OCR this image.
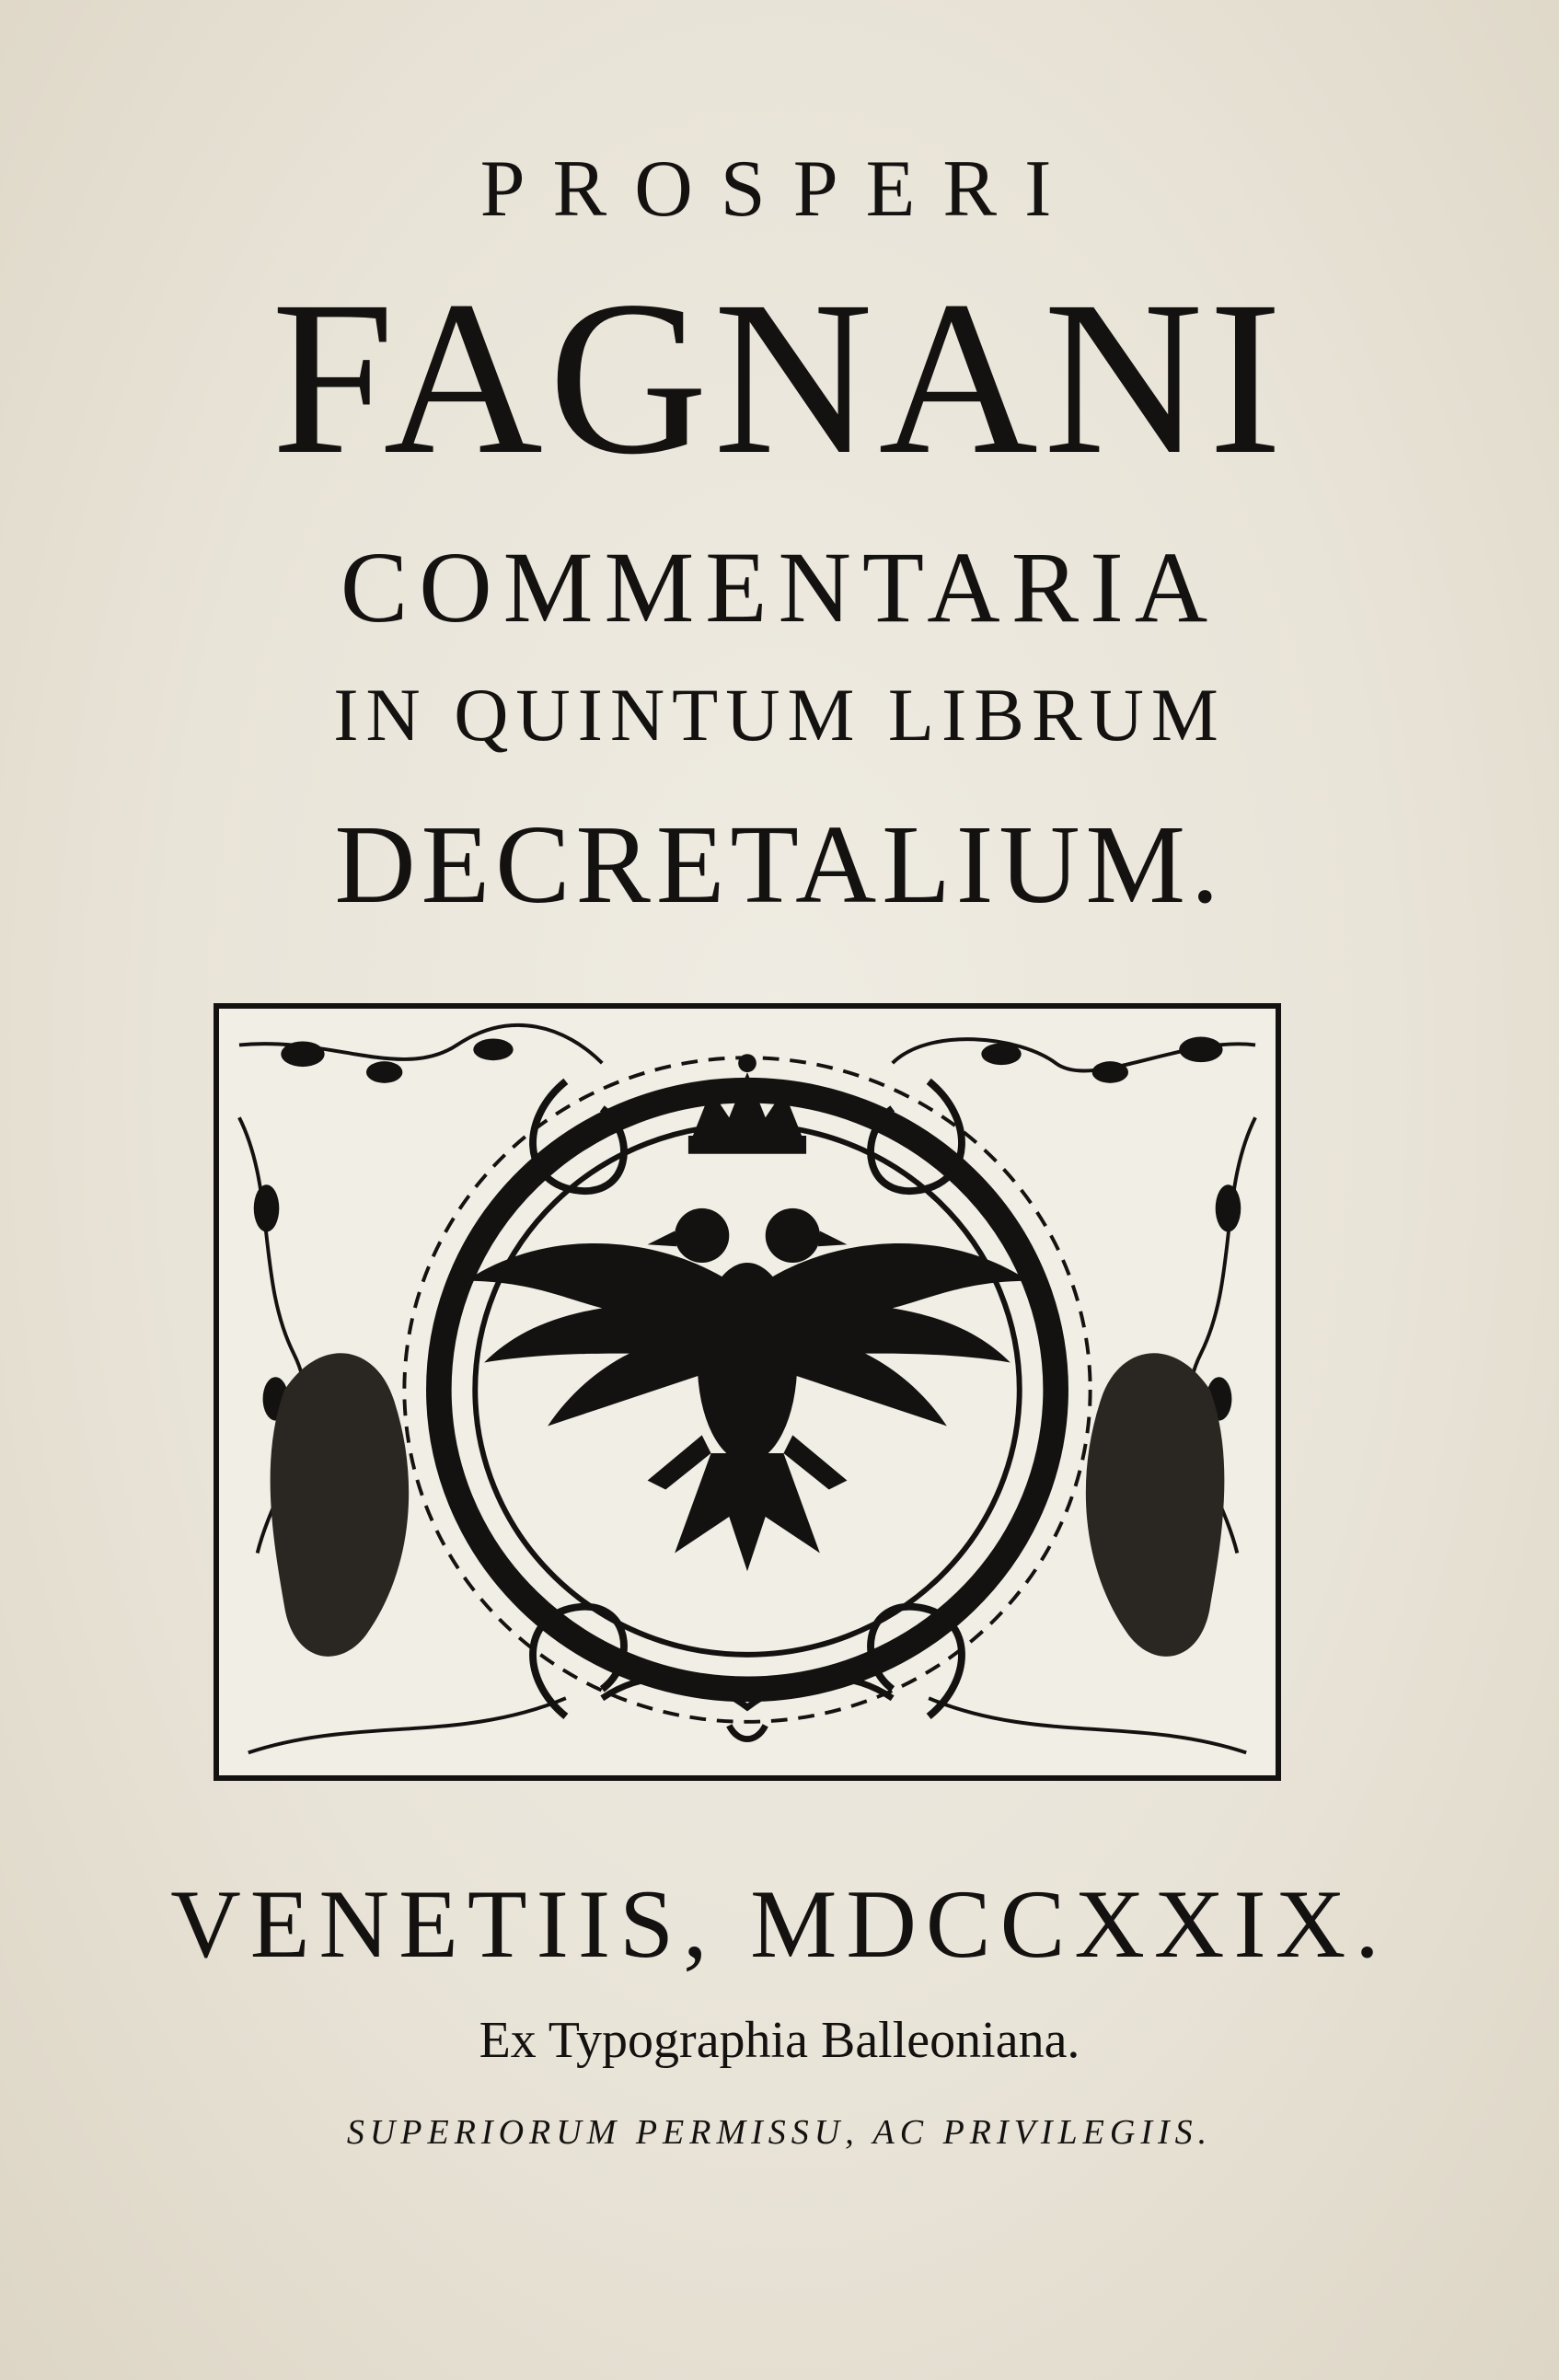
PROSPERI
FAGNANI
COMMENTARIA
IN QUINTUM LIBRUM
DECRETALIUM.
VENETIIS, MDCCXXIX.
Ex Typographia Balleoniana.
SUPERIORUM PERMISSU, AC PRIVILEGIIS.
